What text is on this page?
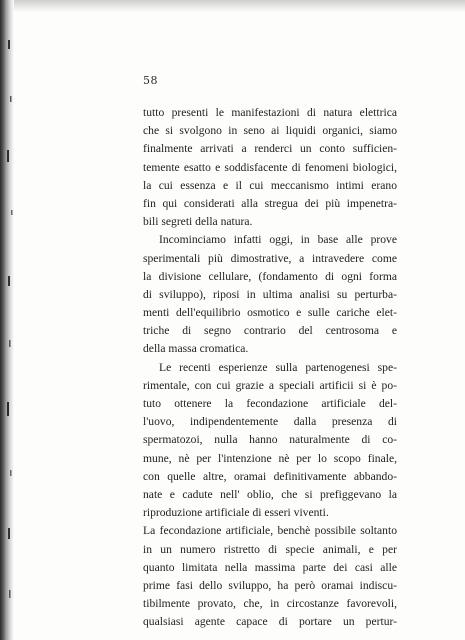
58
tutto presenti le manifestazioni di natura elettrica
che si svolgono in seno ai liquidi organici, siamo
finalmente arrivati a renderci un conto sufficien-
temente esatto e soddisfacente di fenomeni biologici,
la cui essenza e il cui meccanismo intimi erano
fin qui considerati alla stregua dei più impenetra-
bili segreti della natura.
Incominciamo infatti oggi, in base alle prove
sperimentali più dimostrative, a intravedere come
la divisione cellulare, (fondamento di ogni forma
di sviluppo), riposi in ultima analisi su perturba-
menti dell'equilibrio osmotico e sulle cariche elet-
triche di segno contrario del centrosoma e
della massa cromatica.
Le recenti esperienze sulla partenogenesi spe-
rimentale, con cui grazie a speciali artificii si è po-
tuto ottenere la fecondazione artificiale del-
l'uovo, indipendentemente dalla presenza di
spermatozoi, nulla hanno naturalmente di co-
mune, nè per l'intenzione nè per lo scopo finale,
con quelle altre, oramai definitivamente abbando-
nate e cadute nell' oblio, che si prefiggevano la
riproduzione artificiale di esseri viventi.
La fecondazione artificiale, benchè possibile soltanto
in un numero ristretto di specie animali, e per
quanto limitata nella massima parte dei casi alle
prime fasi dello sviluppo, ha però oramai indiscu-
tibilmente provato, che, in circostanze favorevoli,
qualsiasi agente capace di portare un pertur-
